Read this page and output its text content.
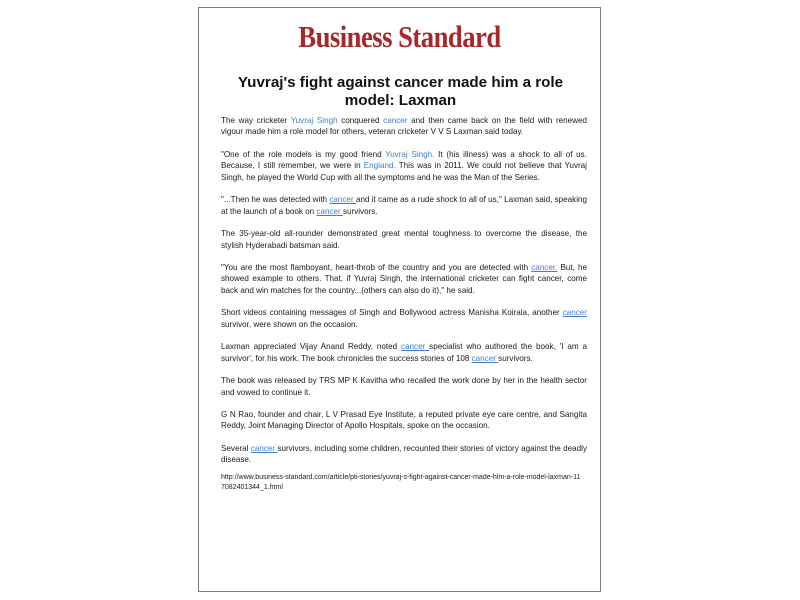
Business Standard
Yuvraj's fight against cancer made him a role model: Laxman

The way cricketer Yuvraj Singh conquered cancer and then came back on the field with renewed vigour made him a role model for others, veteran cricketer V V S Laxman said today.

"One of the role models is my good friend Yuvraj Singh. It (his illness) was a shock to all of us. Because, I still remember, we were in England. This was in 2011. We could not believe that Yuvraj Singh, he played the World Cup with all the symptoms and he was the Man of the Series.

"...Then he was detected with cancer and it came as a rude shock to all of us," Laxman said, speaking at the launch of a book on cancer survivors.

The 35-year-old all-rounder demonstrated great mental toughness to overcome the disease, the stylish Hyderabadi batsman said.

"You are the most flamboyant, heart-throb of the country and you are detected with cancer. But, he showed example to others. That, if Yuvraj Singh, the international cricketer can fight cancer, come back and win matches for the country...(others can also do it)," he said.

Short videos containing messages of Singh and Bollywood actress Manisha Koirala, another cancer survivor, were shown on the occasion.

Laxman appreciated Vijay Anand Reddy, noted cancer specialist who authored the book, 'I am a survivor', for his work. The book chronicles the success stories of 108 cancer survivors.

The book was released by TRS MP K Kavitha who recalled the work done by her in the health sector and vowed to continue it.

G N Rao, founder and chair, L V Prasad Eye Institute, a reputed private eye care centre, and Sangita Reddy, Joint Managing Director of Apollo Hospitals, spoke on the occasion.

Several cancer survivors, including some children, recounted their stories of victory against the deadly disease.

http://www.business-standard.com/article/pti-stories/yuvraj-s-fight-against-cancer-made-him-a-role-model-laxman-117082401344_1.html
